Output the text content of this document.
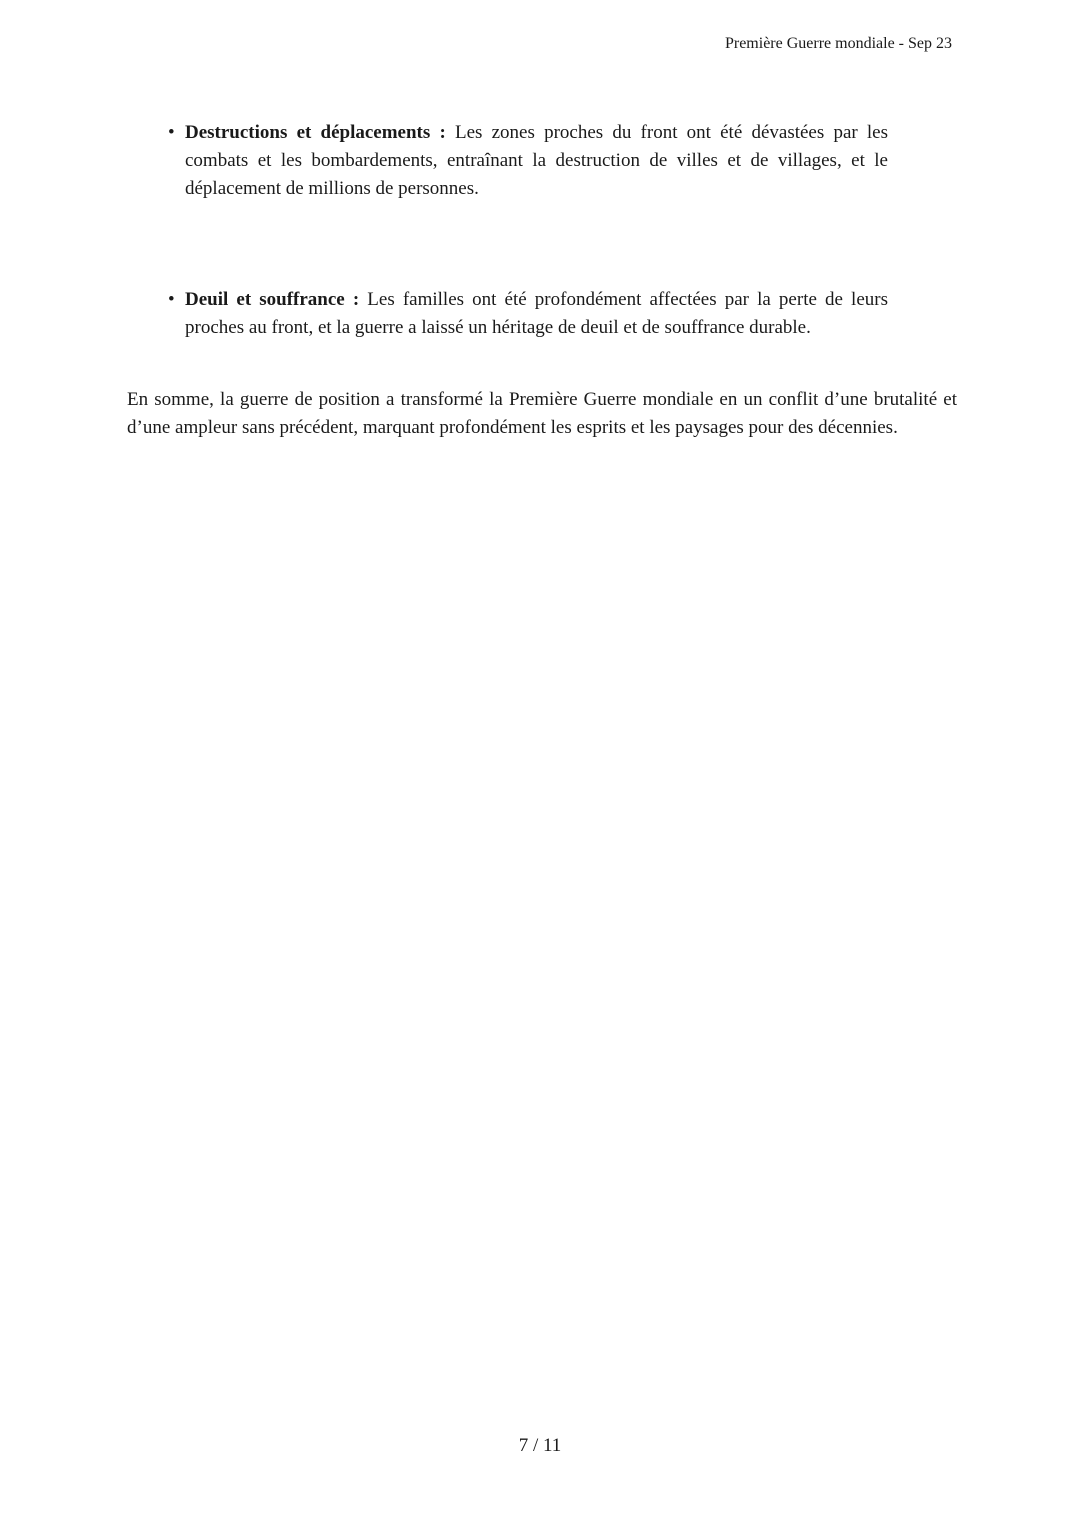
Première Guerre mondiale - Sep 23
• Destructions et déplacements : Les zones proches du front ont été dévastées par les combats et les bombardements, entraînant la destruction de villes et de villages, et le déplacement de millions de personnes.
• Deuil et souffrance : Les familles ont été profondément affectées par la perte de leurs proches au front, et la guerre a laissé un héritage de deuil et de souffrance durable.

En somme, la guerre de position a transformé la Première Guerre mondiale en un conflit d’une brutalité et d’une ampleur sans précédent, marquant profondément les esprits et les paysages pour des décennies.

7 / 11
